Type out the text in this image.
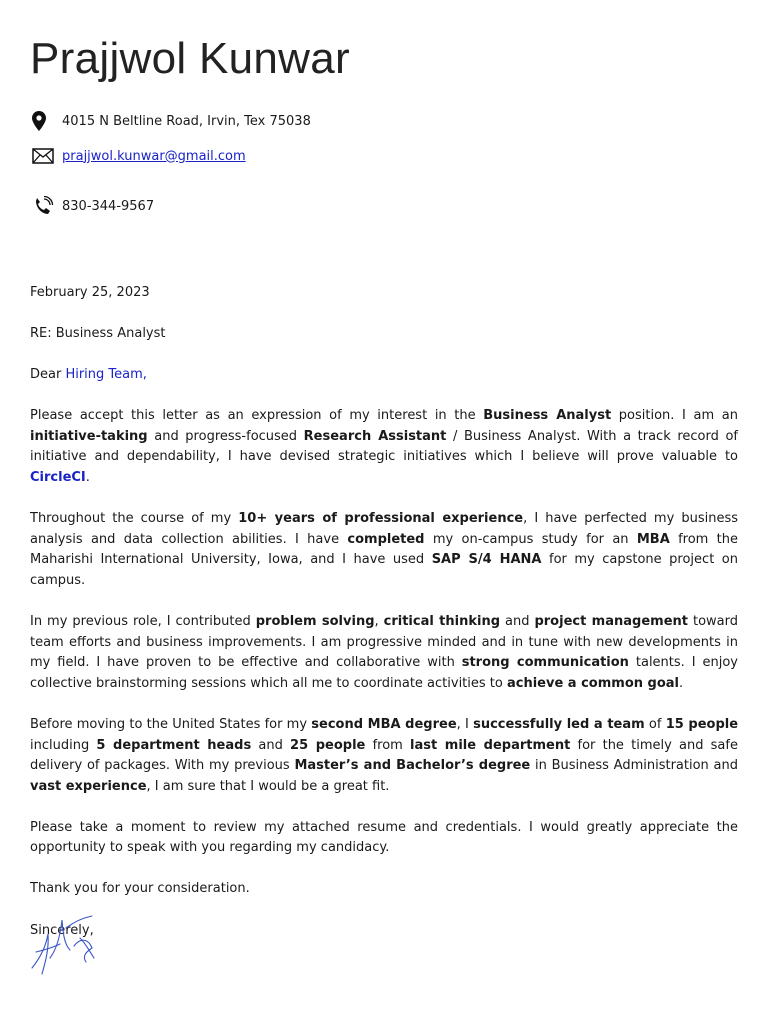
Prajjwol Kunwar
4015 N Beltline Road, Irvin, Tex 75038
prajjwol.kunwar@gmail.com
830-344-9567

February 25, 2023

RE: Business Analyst

Dear Hiring Team,

Please accept this letter as an expression of my interest in the Business Analyst position. I am an initiative-taking and progress-focused Research Assistant / Business Analyst. With a track record of initiative and dependability, I have devised strategic initiatives which I believe will prove valuable to CircleCI.

Throughout the course of my 10+ years of professional experience, I have perfected my business analysis and data collection abilities. I have completed my on-campus study for an MBA from the Maharishi International University, Iowa, and I have used SAP S/4 HANA for my capstone project on campus.

In my previous role, I contributed problem solving, critical thinking and project management toward team efforts and business improvements. I am progressive minded and in tune with new developments in my field. I have proven to be effective and collaborative with strong communication talents. I enjoy collective brainstorming sessions which all me to coordinate activities to achieve a common goal.

Before moving to the United States for my second MBA degree, I successfully led a team of 15 people including 5 department heads and 25 people from last mile department for the timely and safe delivery of packages. With my previous Master’s and Bachelor’s degree in Business Administration and vast experience, I am sure that I would be a great fit.

Please take a moment to review my attached resume and credentials. I would greatly appreciate the opportunity to speak with you regarding my candidacy.

Thank you for your consideration.

Sincerely,
